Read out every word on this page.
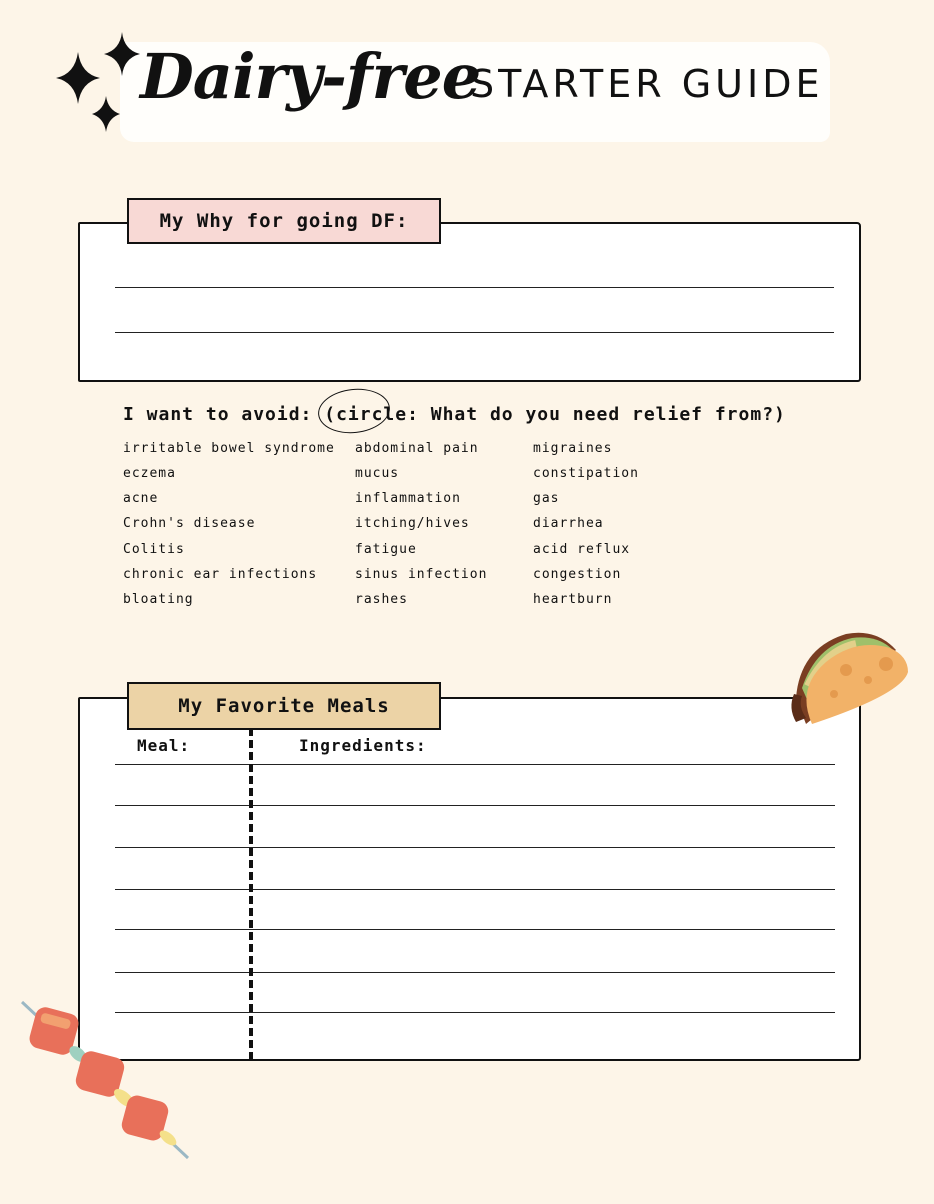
Dairy-free
STARTER GUIDE
My Why for going DF:
I want to avoid: (circle: What do you need relief from?)
irritable bowel syndrome
eczema
acne
Crohn's disease
Colitis
chronic ear infections
bloating
abdominal pain
mucus
inflammation
itching/hives
fatigue
sinus infection
rashes
migraines
constipation
gas
diarrhea
acid reflux
congestion
heartburn
Meal:	Ingredients:
My Favorite Meals
